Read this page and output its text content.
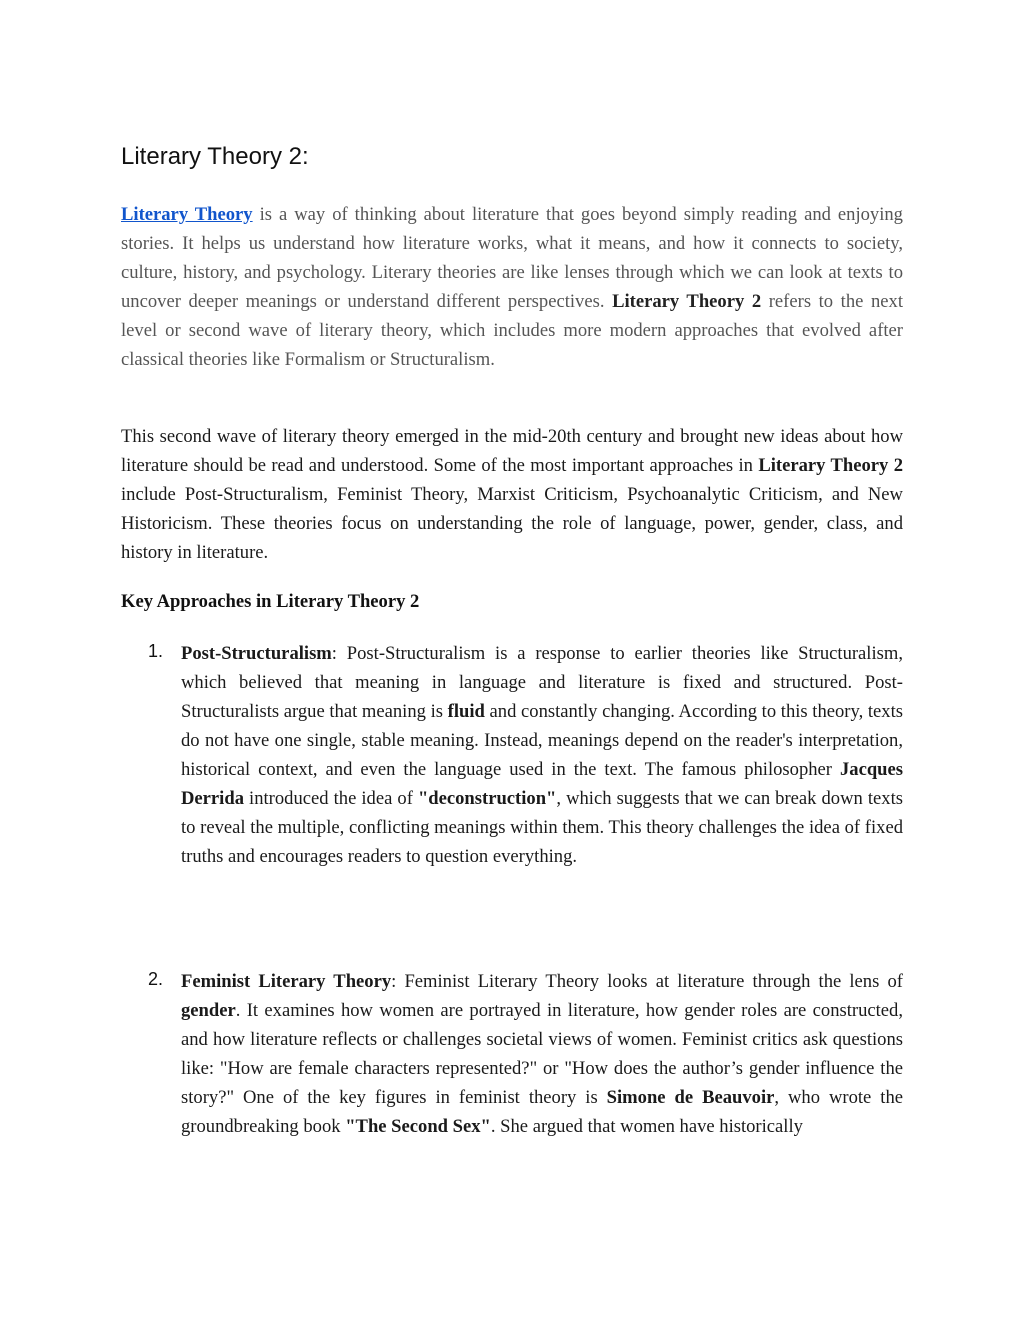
Literary Theory 2:

Literary Theory is a way of thinking about literature that goes beyond simply reading and enjoying stories. It helps us understand how literature works, what it means, and how it connects to society, culture, history, and psychology. Literary theories are like lenses through which we can look at texts to uncover deeper meanings or understand different perspectives. Literary Theory 2 refers to the next level or second wave of literary theory, which includes more modern approaches that evolved after classical theories like Formalism or Structuralism.

This second wave of literary theory emerged in the mid-20th century and brought new ideas about how literature should be read and understood. Some of the most important approaches in Literary Theory 2 include Post-Structuralism, Feminist Theory, Marxist Criticism, Psychoanalytic Criticism, and New Historicism. These theories focus on understanding the role of language, power, gender, class, and history in literature.

Key Approaches in Literary Theory 2
1. Post-Structuralism: Post-Structuralism is a response to earlier theories like Structuralism, which believed that meaning in language and literature is fixed and structured. Post-Structuralists argue that meaning is fluid and constantly changing. According to this theory, texts do not have one single, stable meaning. Instead, meanings depend on the reader's interpretation, historical context, and even the language used in the text. The famous philosopher Jacques Derrida introduced the idea of "deconstruction", which suggests that we can break down texts to reveal the multiple, conflicting meanings within them. This theory challenges the idea of fixed truths and encourages readers to question everything.

2. Feminist Literary Theory: Feminist Literary Theory looks at literature through the lens of gender. It examines how women are portrayed in literature, how gender roles are constructed, and how literature reflects or challenges societal views of women. Feminist critics ask questions like: "How are female characters represented?" or "How does the author’s gender influence the story?" One of the key figures in feminist theory is Simone de Beauvoir, who wrote the groundbreaking book "The Second Sex". She argued that women have historically
